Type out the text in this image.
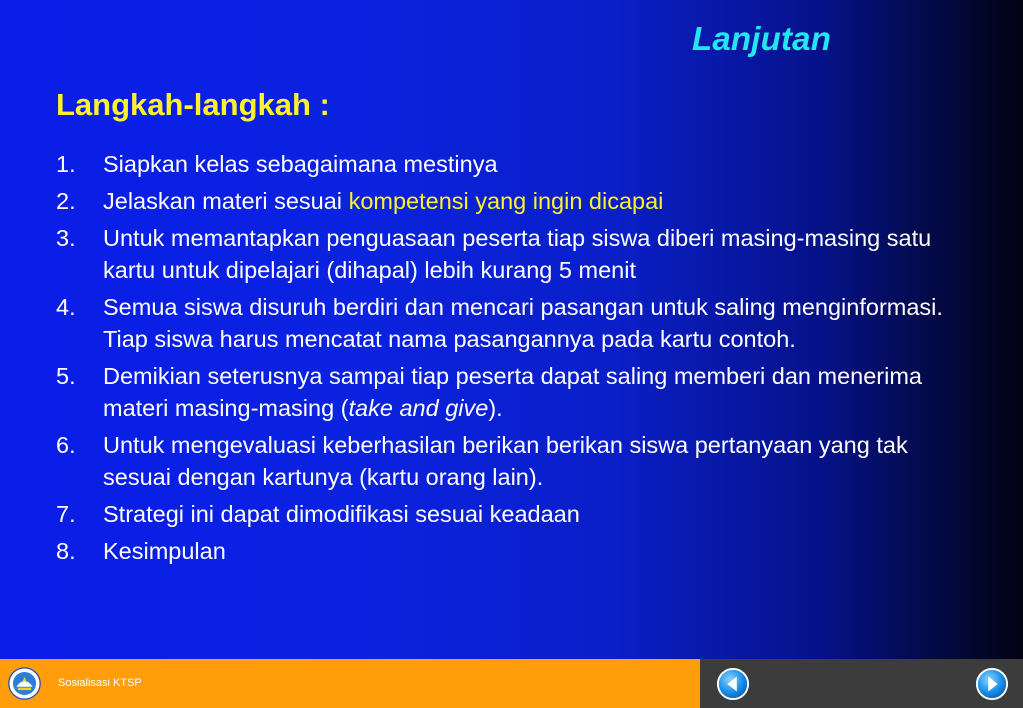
Lanjutan
Langkah-langkah :
1. Siapkan kelas sebagaimana mestinya
2. Jelaskan materi sesuai kompetensi yang ingin dicapai
3. Untuk memantapkan penguasaan peserta tiap siswa diberi masing-masing satu kartu untuk dipelajari (dihapal) lebih kurang 5 menit
4. Semua siswa disuruh berdiri dan mencari pasangan untuk saling menginformasi. Tiap siswa harus mencatat nama pasangannya pada kartu contoh.
5. Demikian seterusnya sampai tiap peserta dapat saling memberi dan menerima materi masing-masing (take and give).
6. Untuk mengevaluasi keberhasilan berikan berikan siswa pertanyaan yang tak sesuai dengan kartunya (kartu orang lain).
7. Strategi ini dapat dimodifikasi sesuai keadaan
8. Kesimpulan
Sosialisasi KTSP
